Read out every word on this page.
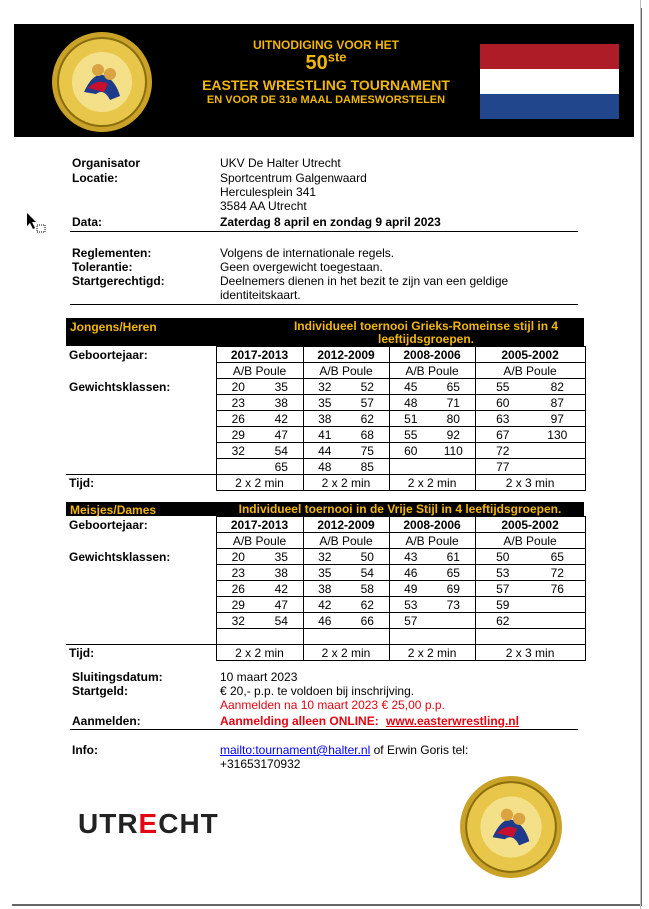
UITNODIGING VOOR HET
50ste
EASTER WRESTLING TOURNAMENT
EN VOOR DE 31e MAAL DAMESWORSTELEN
Organisator	UKV De Halter Utrecht
Locatie:	Sportcentrum Galgenwaard
Herculesplein 341
3584 AA Utrecht
Data:	Zaterdag 8 april en zondag 9 april 2023
Reglementen:	Volgens de internationale regels.
Tolerantie:	Geen overgewicht toegestaan.
Startgerechtigd:	Deelnemers dienen in het bezit te zijn van een geldige
identiteitskaart.
Jongens/Heren	Individueel toernooi Grieks-Romeinse stijl in 4 leeftijdsgroepen.
Geboortejaar:	2017-2013		2012-2009		2008-2006		2005-2002	
	A/B Poule		A/B Poule		A/B Poule		A/B Poule	
Gewichtsklassen:	20	35	32	52	45	65	55	82
	23	38	35	57	48	71	60	87
	26	42	38	62	51	80	63	97
	29	47	41	68	55	92	67	130
	32	54	44	75	60	110	72	
		65	48	85			77	
Tijd:	2 x 2 min		2 x 2 min		2 x 2 min		2 x 3 min	
Meisjes/Dames	Individueel toernooi in de Vrije Stijl in 4 leeftijdsgroepen.
Geboortejaar:	2017-2013		2012-2009		2008-2006		2005-2002	
	A/B Poule		A/B Poule		A/B Poule		A/B Poule	
Gewichtsklassen:	20	35	32	50	43	61	50	65
	23	38	35	54	46	65	53	72
	26	42	38	58	49	69	57	76
	29	47	42	62	53	73	59	
	32	54	46	66	57		62	

Tijd:	2 x 2 min		2 x 2 min		2 x 2 min		2 x 3 min	
Sluitingsdatum:	10 maart 2023
Startgeld:	€ 20,- p.p. te voldoen bij inschrijving.
Aanmelden na 10 maart 2023 € 25,00 p.p.
Aanmelden:	Aanmelding alleen ONLINE: www.easterwrestling.nl
Info:	mailto:tournament@halter.nl of Erwin Goris tel:
+31653170932
UTRECHT
